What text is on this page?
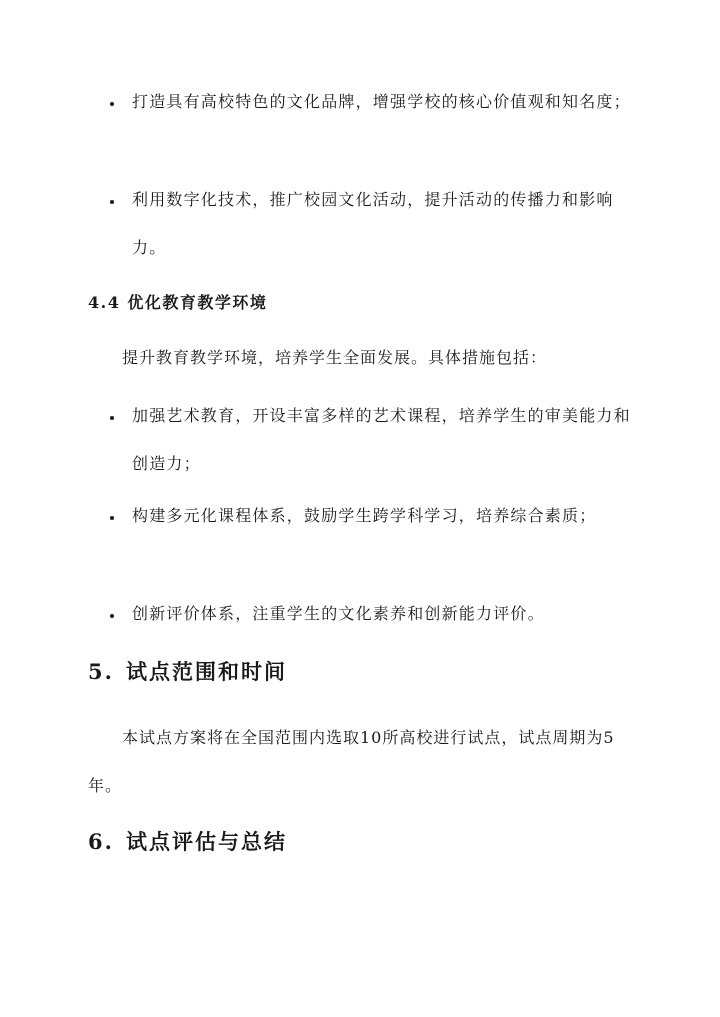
打造具有高校特色的文化品牌，增强学校的核心价值观和知名度；
利用数字化技术，推广校园文化活动，提升活动的传播力和影响力。
4.4 优化教育教学环境
提升教育教学环境，培养学生全面发展。具体措施包括：
加强艺术教育，开设丰富多样的艺术课程，培养学生的审美能力和创造力；
构建多元化课程体系，鼓励学生跨学科学习，培养综合素质；
创新评价体系，注重学生的文化素养和创新能力评价。
5. 试点范围和时间
本试点方案将在全国范围内选取10所高校进行试点，试点周期为5年。
6. 试点评估与总结
